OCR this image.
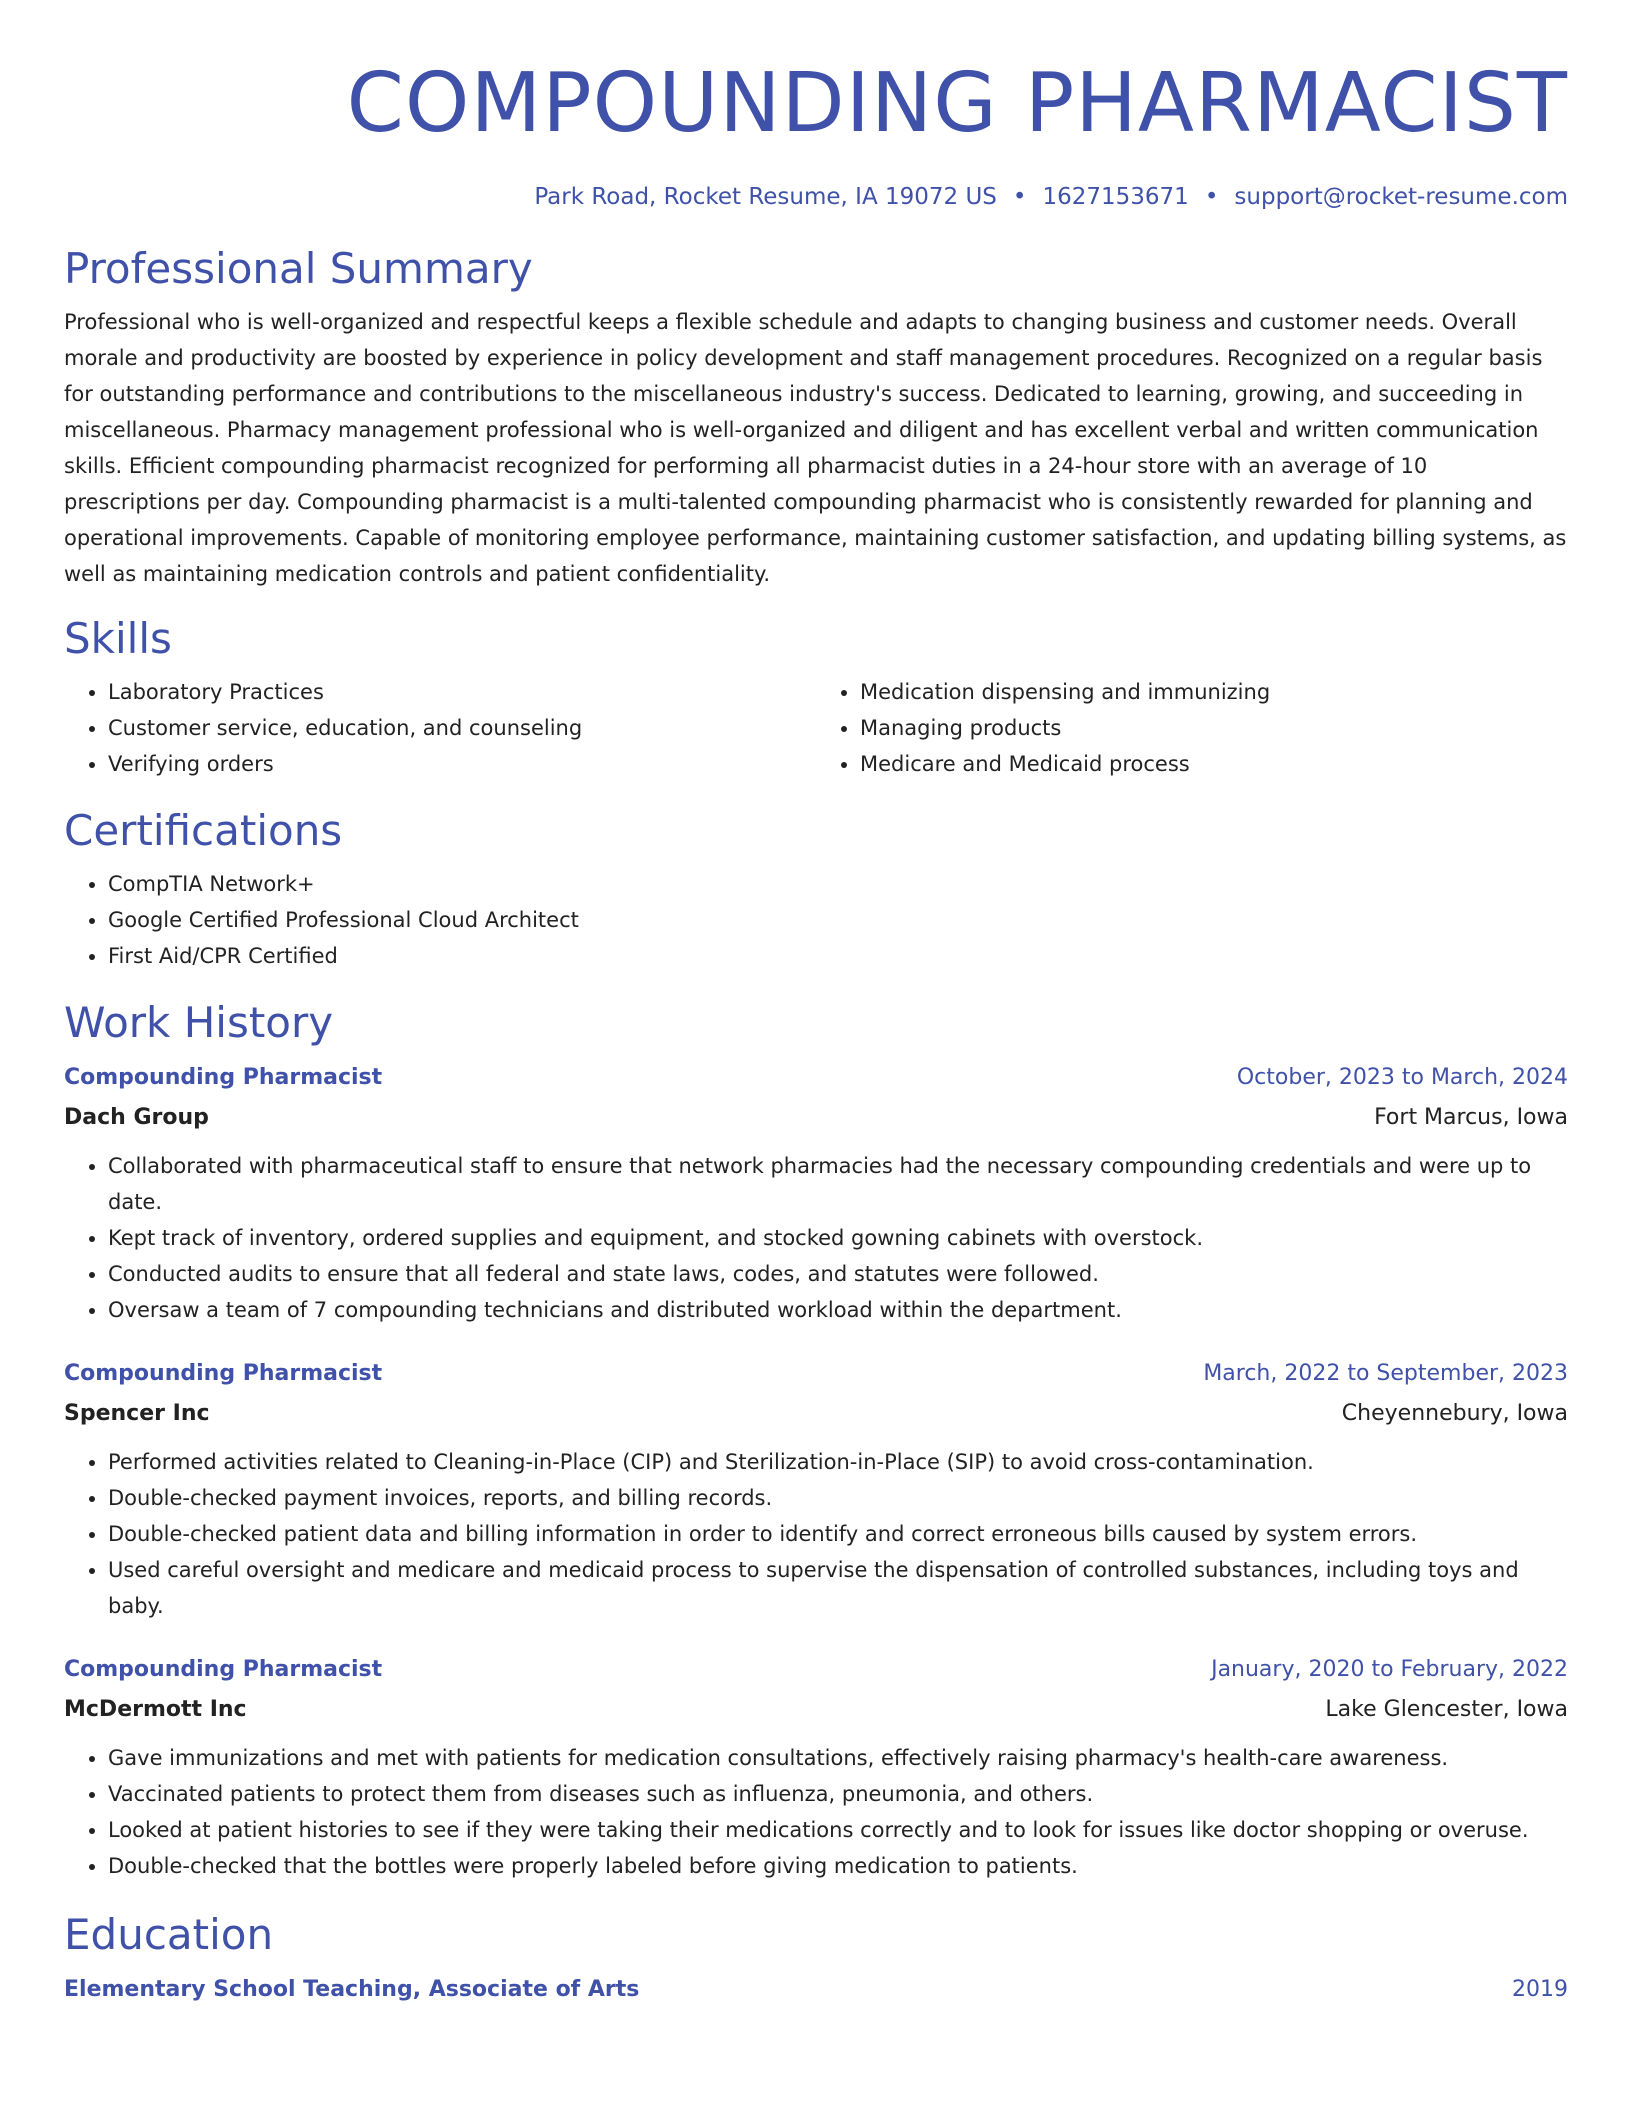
COMPOUNDING PHARMACIST
Park Road, Rocket Resume, IA 19072 US • 1627153671 • support@rocket-resume.com
Professional Summary

Professional who is well-organized and respectful keeps a flexible schedule and adapts to changing business and customer needs. Overall morale and productivity are boosted by experience in policy development and staff management procedures. Recognized on a regular basis for outstanding performance and contributions to the miscellaneous industry's success. Dedicated to learning, growing, and succeeding in miscellaneous. Pharmacy management professional who is well-organized and diligent and has excellent verbal and written communication skills. Efficient compounding pharmacist recognized for performing all pharmacist duties in a 24-hour store with an average of 10 prescriptions per day. Compounding pharmacist is a multi-talented compounding pharmacist who is consistently rewarded for planning and operational improvements. Capable of monitoring employee performance, maintaining customer satisfaction, and updating billing systems, as well as maintaining medication controls and patient confidentiality.

Skills
• Laboratory Practices
• Customer service, education, and counseling
• Verifying orders
• Medication dispensing and immunizing
• Managing products
• Medicare and Medicaid process
Certifications
• CompTIA Network+
• Google Certified Professional Cloud Architect
• First Aid/CPR Certified
Work History
Compounding Pharmacist	October, 2023 to March, 2024
Dach Group	Fort Marcus, Iowa
• Collaborated with pharmaceutical staff to ensure that network pharmacies had the necessary compounding credentials and were up to date.
• Kept track of inventory, ordered supplies and equipment, and stocked gowning cabinets with overstock.
• Conducted audits to ensure that all federal and state laws, codes, and statutes were followed.
• Oversaw a team of 7 compounding technicians and distributed workload within the department.
Compounding Pharmacist	March, 2022 to September, 2023
Spencer Inc	Cheyennebury, Iowa
• Performed activities related to Cleaning-in-Place (CIP) and Sterilization-in-Place (SIP) to avoid cross-contamination.
• Double-checked payment invoices, reports, and billing records.
• Double-checked patient data and billing information in order to identify and correct erroneous bills caused by system errors.
• Used careful oversight and medicare and medicaid process to supervise the dispensation of controlled substances, including toys and baby.
Compounding Pharmacist	January, 2020 to February, 2022
McDermott Inc	Lake Glencester, Iowa
• Gave immunizations and met with patients for medication consultations, effectively raising pharmacy's health-care awareness.
• Vaccinated patients to protect them from diseases such as influenza, pneumonia, and others.
• Looked at patient histories to see if they were taking their medications correctly and to look for issues like doctor shopping or overuse.
• Double-checked that the bottles were properly labeled before giving medication to patients.
Education
Elementary School Teaching, Associate of Arts	2019
